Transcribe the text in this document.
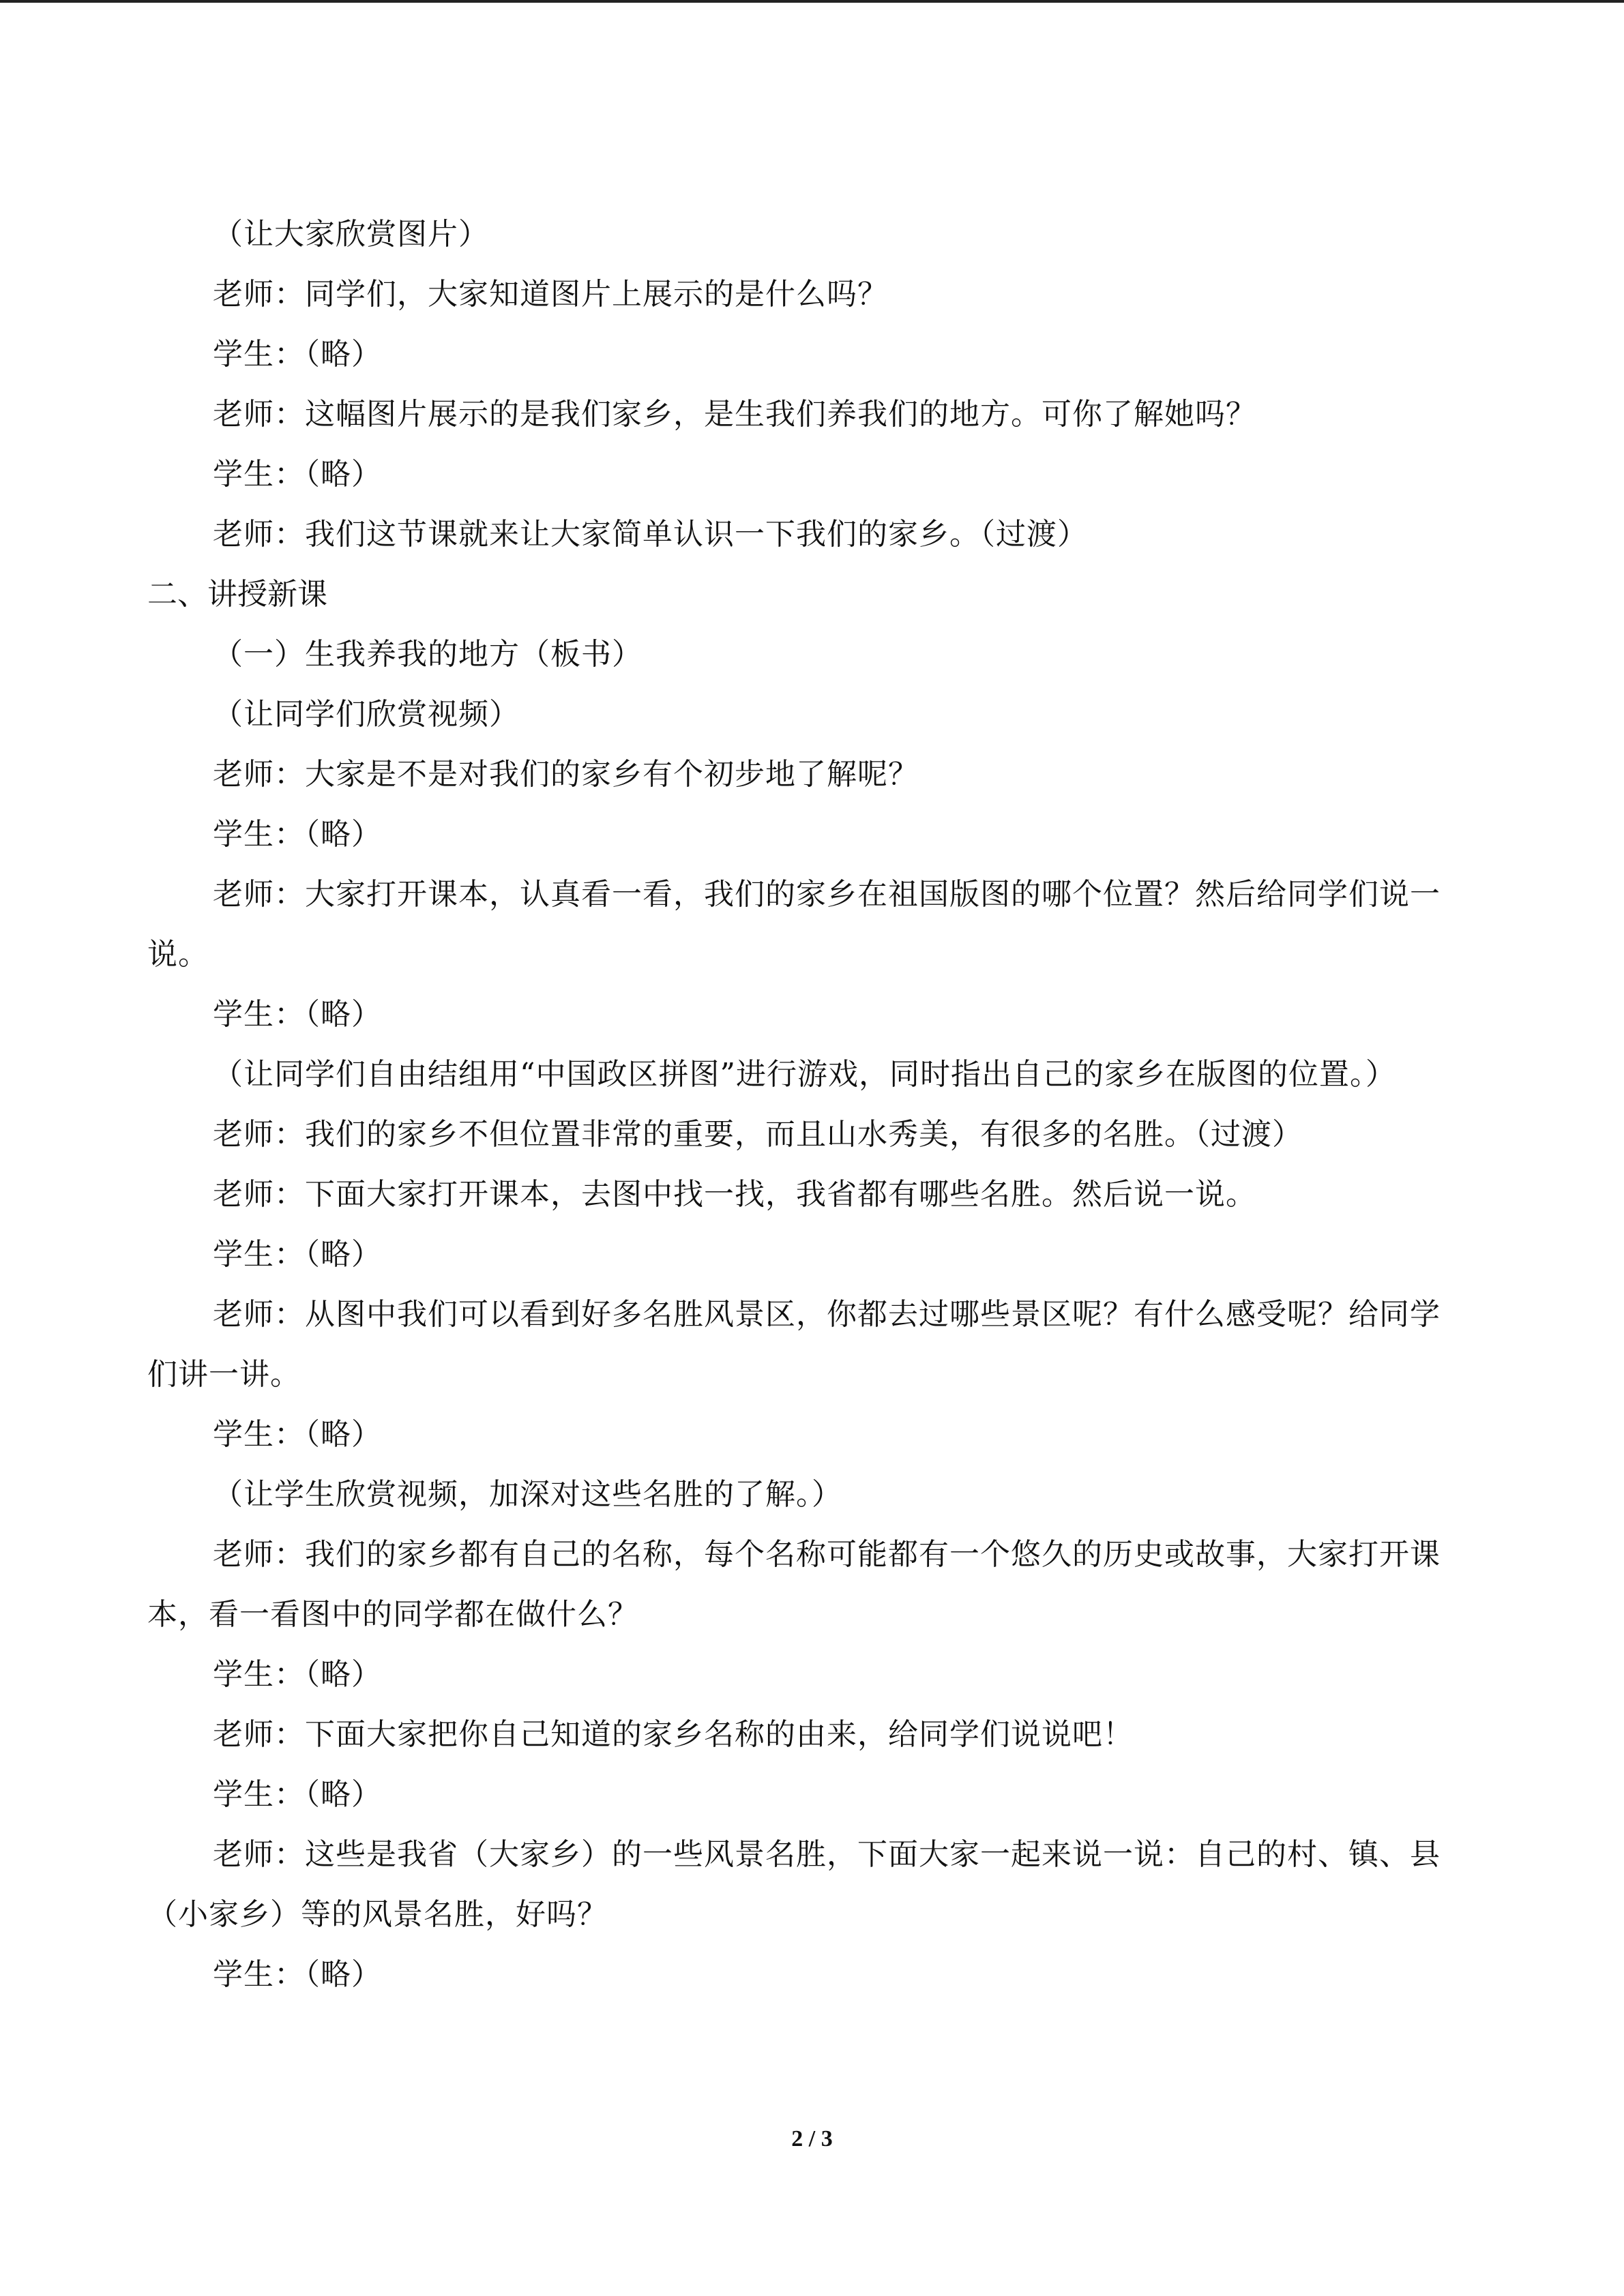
（让大家欣赏图片）

老师：同学们，大家知道图片上展示的是什么吗？

学生：（略）

老师：这幅图片展示的是我们家乡，是生我们养我们的地方。可你了解她吗？

学生：（略）

老师：我们这节课就来让大家简单认识一下我们的家乡。（过渡）

二、讲授新课

（一）生我养我的地方（板书）

（让同学们欣赏视频）

老师：大家是不是对我们的家乡有个初步地了解呢？

学生：（略）

老师：大家打开课本，认真看一看，我们的家乡在祖国版图的哪个位置？然后给同学们说一说。

学生：（略）

（让同学们自由结组用“中国政区拼图”进行游戏，同时指出自己的家乡在版图的位置。）

老师：我们的家乡不但位置非常的重要，而且山水秀美，有很多的名胜。（过渡）

老师：下面大家打开课本，去图中找一找，我省都有哪些名胜。然后说一说。

学生：（略）

老师：从图中我们可以看到好多名胜风景区，你都去过哪些景区呢？有什么感受呢？给同学们讲一讲。

学生：（略）

（让学生欣赏视频，加深对这些名胜的了解。）

老师：我们的家乡都有自己的名称，每个名称可能都有一个悠久的历史或故事，大家打开课本，看一看图中的同学都在做什么？

学生：（略）

老师：下面大家把你自己知道的家乡名称的由来，给同学们说说吧！

学生：（略）

老师：这些是我省（大家乡）的一些风景名胜，下面大家一起来说一说：自己的村、镇、县（小家乡）等的风景名胜，好吗？

学生：（略）

2 / 3
